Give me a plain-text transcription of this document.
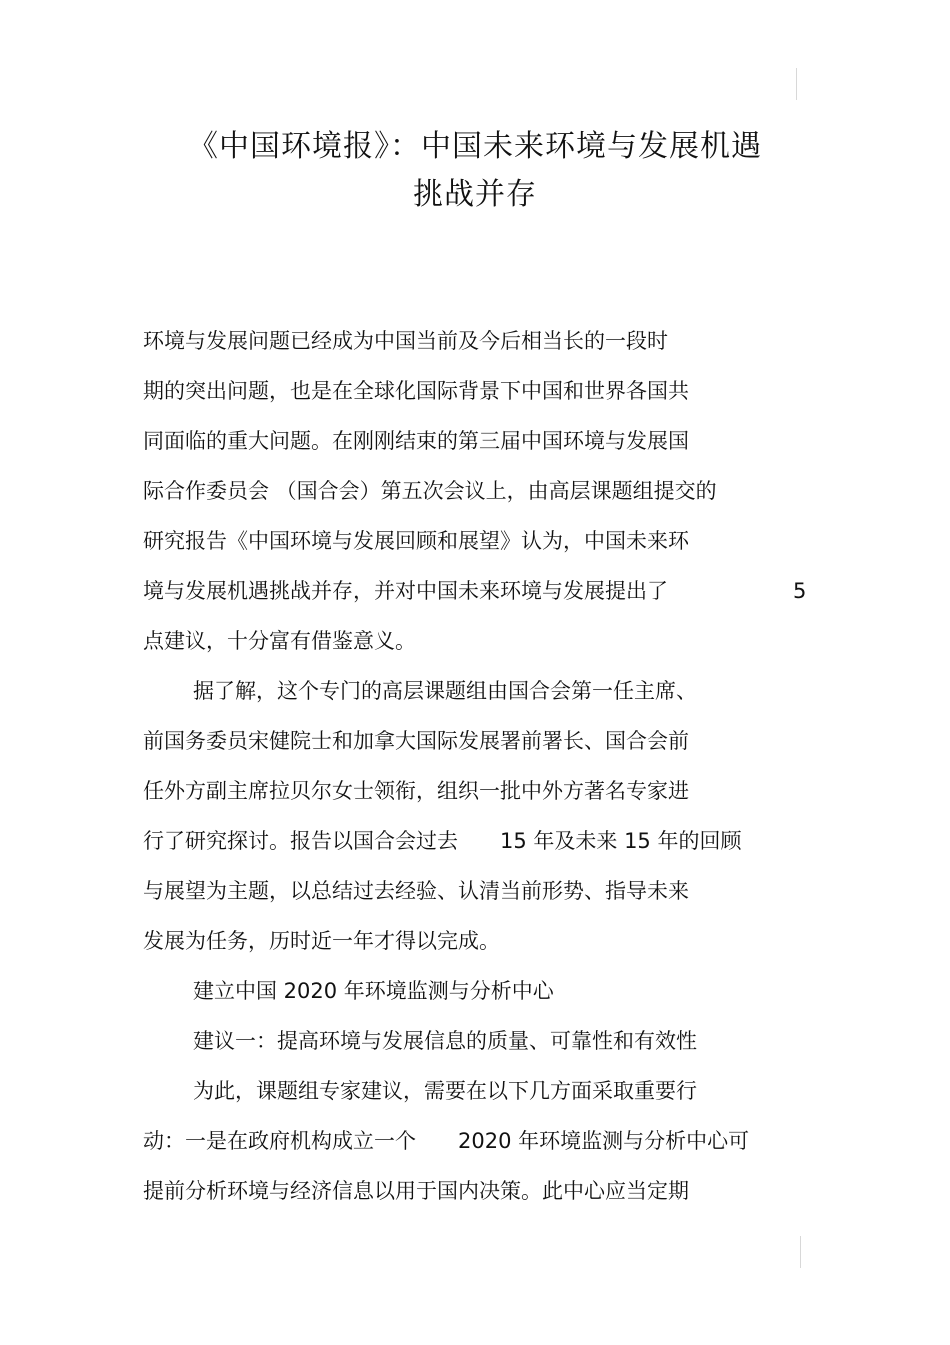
《中国环境报》：中国未来环境与发展机遇
挑战并存
环境与发展问题已经成为中国当前及今后相当长的一段时
期的突出问题，也是在全球化国际背景下中国和世界各国共
同面临的重大问题。在刚刚结束的第三届中国环境与发展国
际合作委员会 （国合会）第五次会议上，由高层课题组提交的
研究报告《中国环境与发展回顾和展望》认为，中国未来环
境与发展机遇挑战并存，并对中国未来环境与发展提出了	5
点建议，十分富有借鉴意义。
据了解，这个专门的高层课题组由国合会第一任主席、
前国务委员宋健院士和加拿大国际发展署前署长、国合会前
任外方副主席拉贝尔女士领衔，组织一批中外方著名专家进
行了研究探讨。报告以国合会过去　　15 年及未来 15 年的回顾
与展望为主题，以总结过去经验、认清当前形势、指导未来
发展为任务，历时近一年才得以完成。
建立中国 2020 年环境监测与分析中心
建议一：提高环境与发展信息的质量、可靠性和有效性
为此，课题组专家建议，需要在以下几方面采取重要行
动：一是在政府机构成立一个　　2020 年环境监测与分析中心可
提前分析环境与经济信息以用于国内决策。此中心应当定期
